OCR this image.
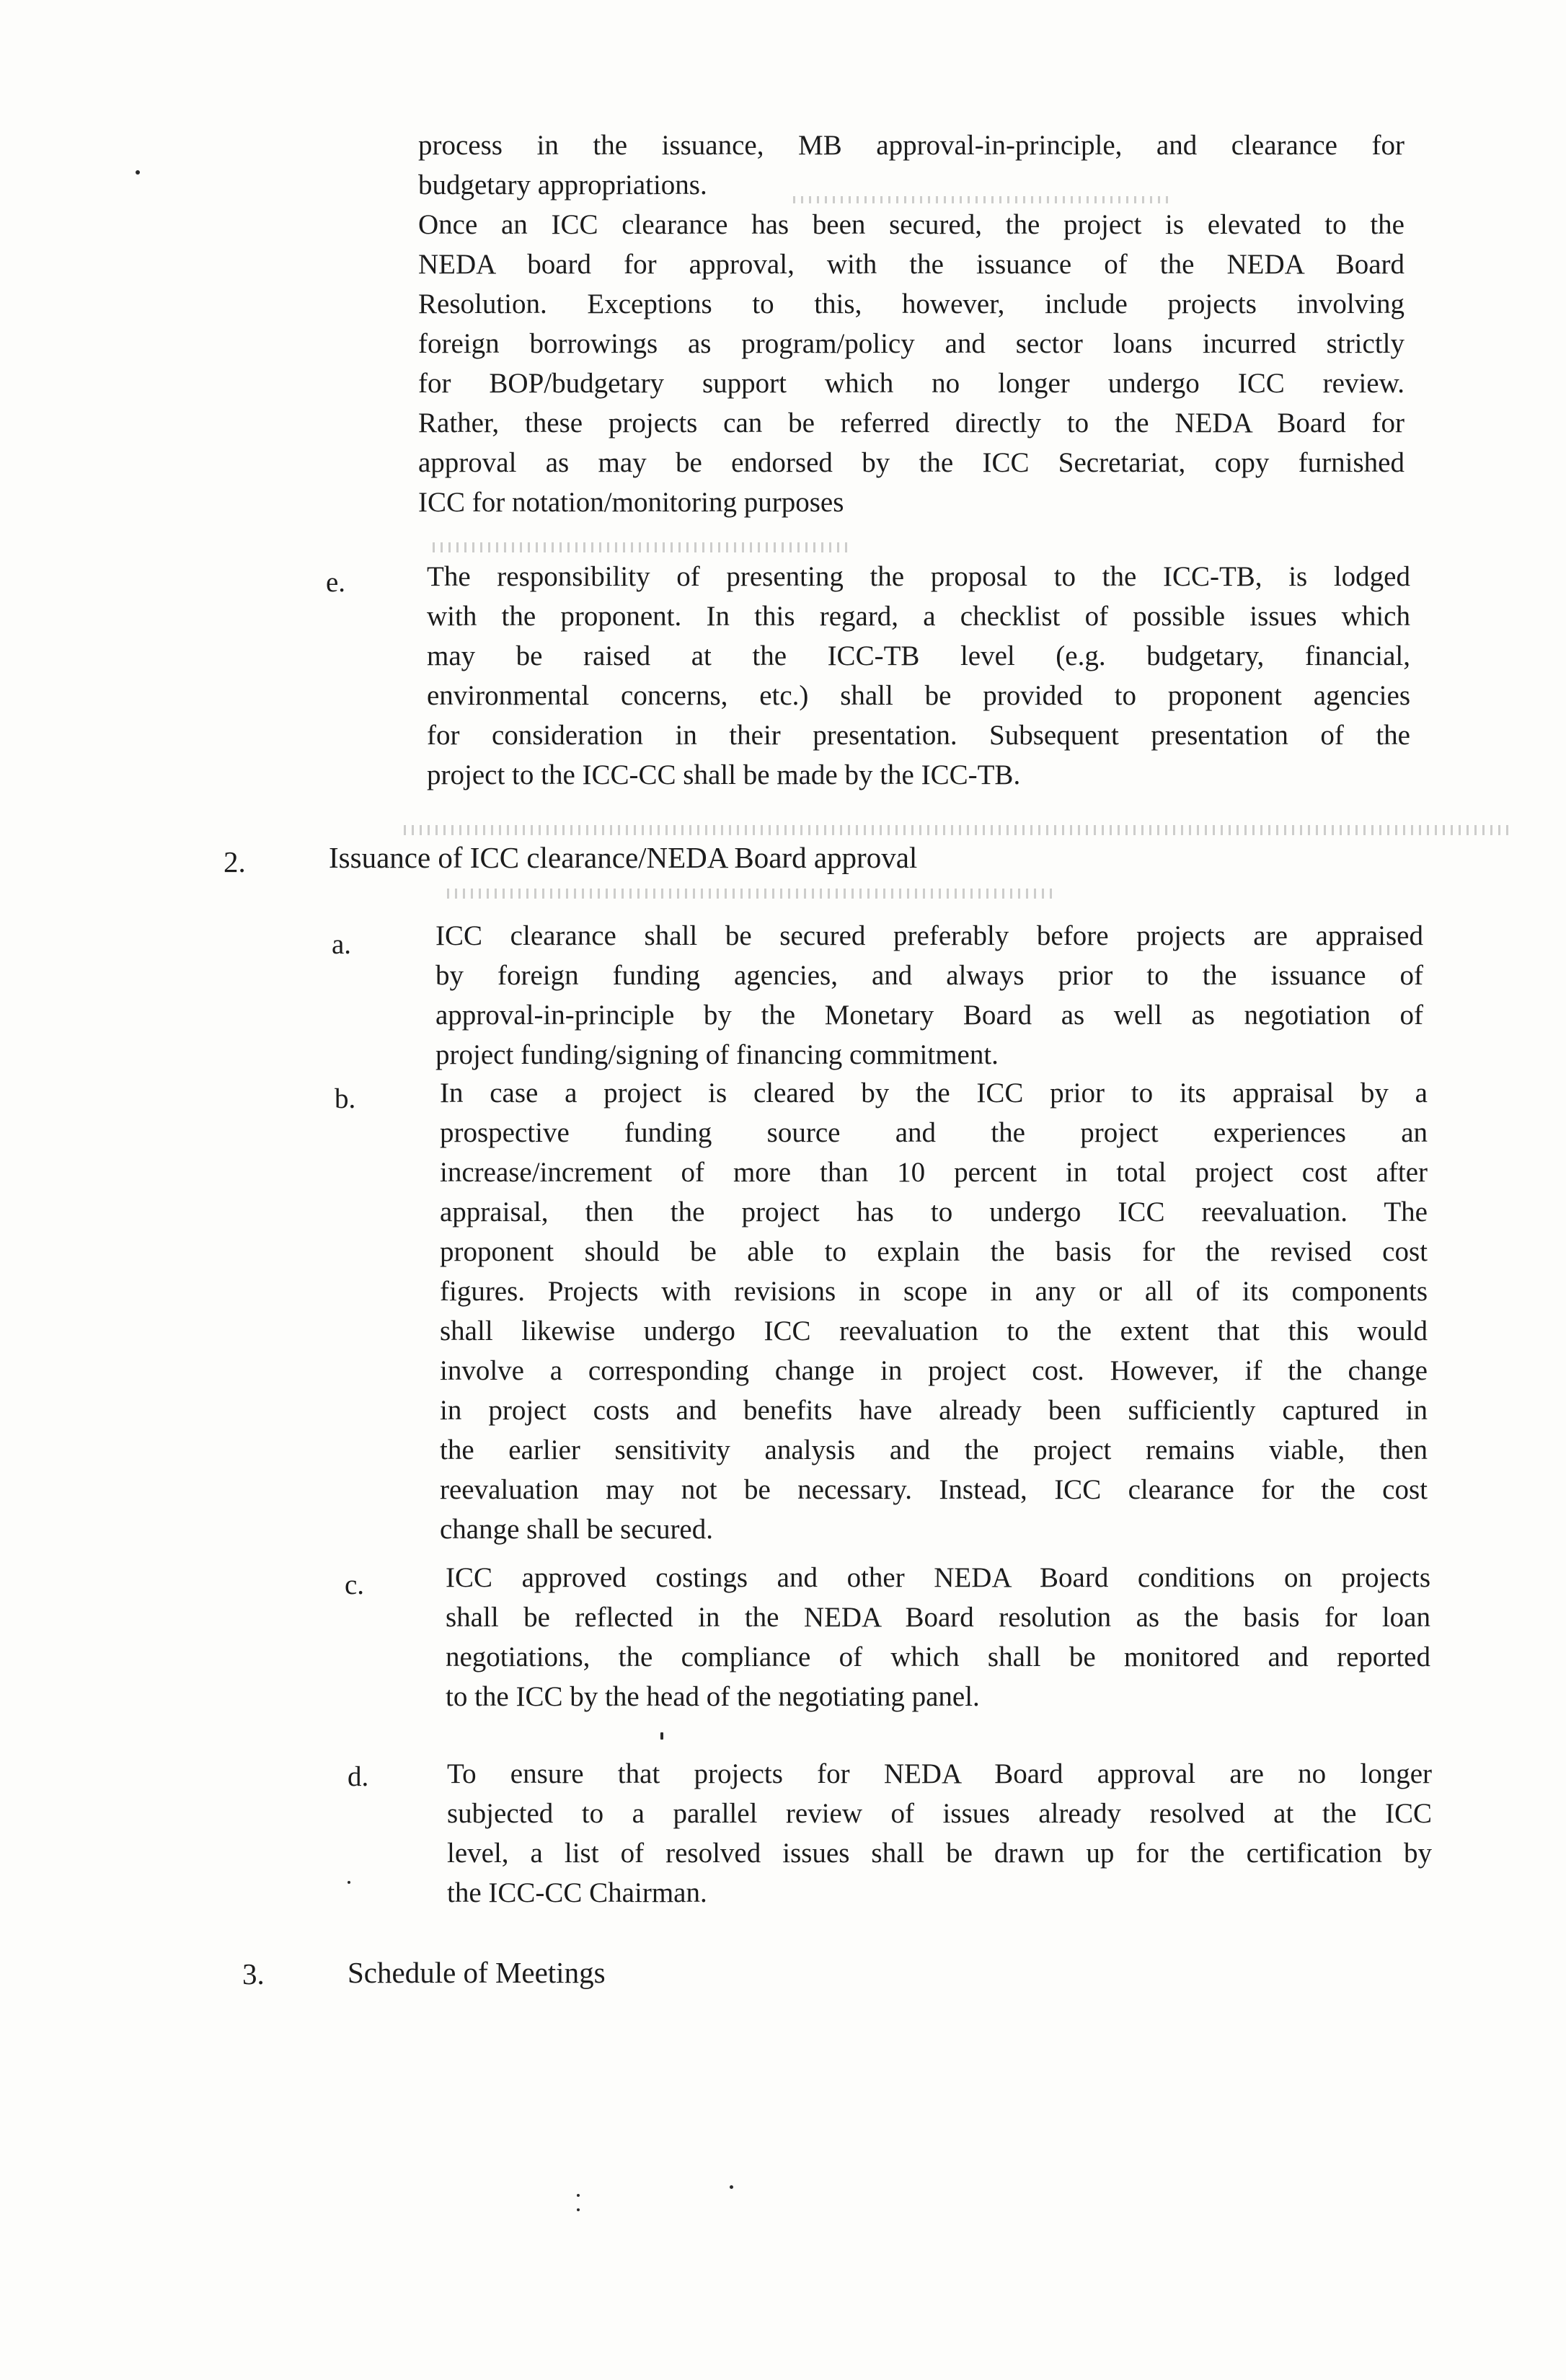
process in the issuance, MB approval-in-principle, and clearance for
budgetary appropriations.
Once an ICC clearance has been secured, the project is elevated to the
NEDA board for approval, with the issuance of the NEDA Board
Resolution. Exceptions to this, however, include projects involving
foreign borrowings as program/policy and sector loans incurred strictly
for BOP/budgetary support which no longer undergo ICC review.
Rather, these projects can be referred directly to the NEDA Board for
approval as may be endorsed by the ICC Secretariat, copy furnished
ICC for notation/monitoring purposes
e.	The responsibility of presenting the proposal to the ICC-TB, is lodged
with the proponent. In this regard, a checklist of possible issues which
may be raised at the ICC-TB level (e.g. budgetary, financial,
environmental concerns, etc.) shall be provided to proponent agencies
for consideration in their presentation. Subsequent presentation of the
project to the ICC-CC shall be made by the ICC-TB.
2.	Issuance of ICC clearance/NEDA Board approval
a.	ICC clearance shall be secured preferably before projects are appraised
by foreign funding agencies, and always prior to the issuance of
approval-in-principle by the Monetary Board as well as negotiation of
project funding/signing of financing commitment.
b.	In case a project is cleared by the ICC prior to its appraisal by a
prospective funding source and the project experiences an
increase/increment of more than 10 percent in total project cost after
appraisal, then the project has to undergo ICC reevaluation. The
proponent should be able to explain the basis for the revised cost
figures. Projects with revisions in scope in any or all of its components
shall likewise undergo ICC reevaluation to the extent that this would
involve a corresponding change in project cost. However, if the change
in project costs and benefits have already been sufficiently captured in
the earlier sensitivity analysis and the project remains viable, then
reevaluation may not be necessary. Instead, ICC clearance for the cost
change shall be secured.
c.	ICC approved costings and other NEDA Board conditions on projects
shall be reflected in the NEDA Board resolution as the basis for loan
negotiations, the compliance of which shall be monitored and reported
to the ICC by the head of the negotiating panel.
d.	To ensure that projects for NEDA Board approval are no longer
subjected to a parallel review of issues already resolved at the ICC
level, a list of resolved issues shall be drawn up for the certification by
the ICC-CC Chairman.
3.	Schedule of Meetings
